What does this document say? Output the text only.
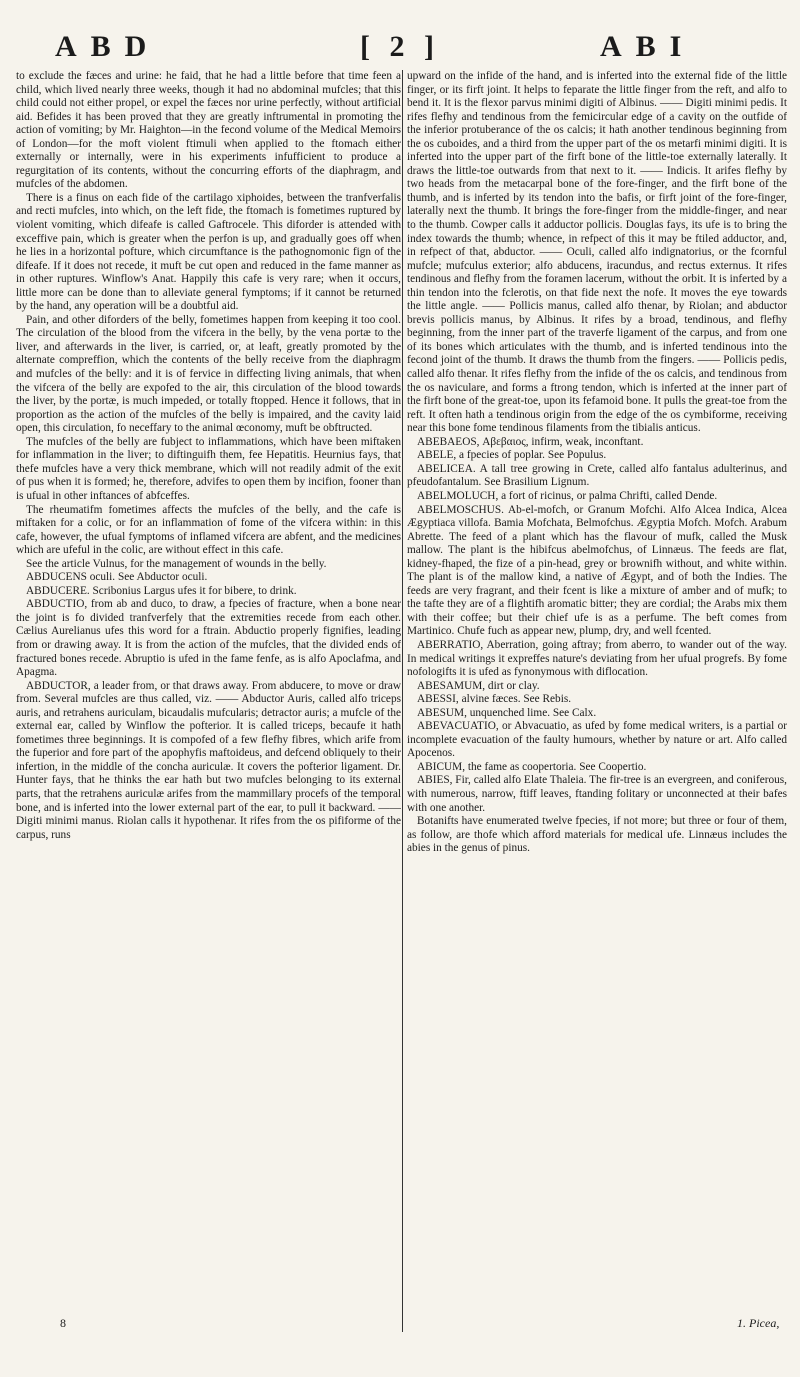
ABD	[ 2 ]	ABI

to exclude the fæces and urine: he faid, that he had a little before that time feen a child, which lived nearly three weeks, though it had no abdominal mufcles; that this child could not either propel, or expel the fæces nor urine perfectly, without artificial aid. Befides it has been proved that they are greatly inftrumental in promoting the action of vomiting; by Mr. Haighton—in the fecond volume of the Medical Memoirs of London—for the moft violent ftimuli when applied to the ftomach either externally or internally, were in his experiments infufficient to produce a regurgitation of its contents, without the concurring efforts of the diaphragm, and mufcles of the abdomen.

There is a finus on each fide of the cartilago xiphoides, between the tranfverfalis and recti mufcles, into which, on the left fide, the ftomach is fometimes ruptured by violent vomiting, which difeafe is called Gaftrocele. This diforder is attended with exceffive pain, which is greater when the perfon is up, and gradually goes off when he lies in a horizontal pofture, which circumftance is the pathognomonic fign of the difeafe. If it does not recede, it muft be cut open and reduced in the fame manner as in other ruptures. Winflow's Anat. Happily this cafe is very rare; when it occurs, little more can be done than to alleviate general fymptoms; if it cannot be returned by the hand, any operation will be a doubtful aid.

Pain, and other diforders of the belly, fometimes happen from keeping it too cool. The circulation of the blood from the vifcera in the belly, by the vena portæ to the liver, and afterwards in the liver, is carried, or, at leaft, greatly promoted by the alternate compreffion, which the contents of the belly receive from the diaphragm and mufcles of the belly: and it is of fervice in diffecting living animals, that when the vifcera of the belly are expofed to the air, this circulation of the blood towards the liver, by the portæ, is much impeded, or totally ftopped. Hence it follows, that in proportion as the action of the mufcles of the belly is impaired, and the cavity laid open, this circulation, fo neceffary to the animal œconomy, muft be obftructed.

The mufcles of the belly are fubject to inflammations, which have been miftaken for inflammation in the liver; to diftinguifh them, fee Hepatitis. Heurnius fays, that thefe mufcles have a very thick membrane, which will not readily admit of the exit of pus when it is formed; he, therefore, advifes to open them by incifion, fooner than is ufual in other inftances of abfceffes.

The rheumatifm fometimes affects the mufcles of the belly, and the cafe is miftaken for a colic, or for an inflammation of fome of the vifcera within: in this cafe, however, the ufual fymptoms of inflamed vifcera are abfent, and the medicines which are ufeful in the colic, are without effect in this cafe.

See the article Vulnus, for the management of wounds in the belly.

ABDUCENS oculi. See Abductor oculi.

ABDUCERE. Scribonius Largus ufes it for bibere, to drink.

ABDUCTIO, from ab and duco, to draw, a fpecies of fracture, when a bone near the joint is fo divided tranfverfely that the extremities recede from each other. Cælius Aurelianus ufes this word for a ftrain. Abductio properly fignifies, leading from or drawing away. It is from the action of the mufcles, that the divided ends of fractured bones recede. Abruptio is ufed in the fame fenfe, as is alfo Apoclafma, and Apagma.

ABDUCTOR, a leader from, or that draws away. From abducere, to move or draw from. Several mufcles are thus called, viz. —— Abductor Auris, called alfo triceps auris, and retrahens auriculam, bicaudalis mufcularis; detractor auris; a mufcle of the external ear, called by Winflow the pofterior. It is called triceps, becaufe it hath fometimes three beginnings. It is compofed of a few flefhy fibres, which arife from the fuperior and fore part of the apophyfis maftoideus, and defcend obliquely to their infertion, in the middle of the concha auriculæ. It covers the pofterior ligament. Dr. Hunter fays, that he thinks the ear hath but two mufcles belonging to its external parts, that the retrahens auriculæ arifes from the mammillary procefs of the temporal bone, and is inferted into the lower external part of the ear, to pull it backward. —— Digiti minimi manus. Riolan calls it hypothenar. It rifes from the os pififorme of the carpus, runs

upward on the infide of the hand, and is inferted into the external fide of the little finger, or its firft joint. It helps to feparate the little finger from the reft, and alfo to bend it. It is the flexor parvus minimi digiti of Albinus. —— Digiti minimi pedis. It rifes flefhy and tendinous from the femicircular edge of a cavity on the outfide of the inferior protuberance of the os calcis; it hath another tendinous beginning from the os cuboides, and a third from the upper part of the os metarfi minimi digiti. It is inferted into the upper part of the firft bone of the little-toe externally laterally. It draws the little-toe outwards from that next to it. —— Indicis. It arifes flefhy by two heads from the metacarpal bone of the fore-finger, and the firft bone of the thumb, and is inferted by its tendon into the bafis, or firft joint of the fore-finger, laterally next the thumb. It brings the fore-finger from the middle-finger, and near to the thumb. Cowper calls it adductor pollicis. Douglas fays, its ufe is to bring the index towards the thumb; whence, in refpect of this it may be ftiled adductor, and, in refpect of that, abductor. —— Oculi, called alfo indignatorius, or the fcornful mufcle; mufculus exterior; alfo abducens, iracundus, and rectus externus. It rifes tendinous and flefhy from the foramen lacerum, without the orbit. It is inferted by a thin tendon into the fclerotis, on that fide next the nofe. It moves the eye towards the little angle. —— Pollicis manus, called alfo thenar, by Riolan; and abductor brevis pollicis manus, by Albinus. It rifes by a broad, tendinous, and flefhy beginning, from the inner part of the traverfe ligament of the carpus, and from one of its bones which articulates with the thumb, and is inferted tendinous into the fecond joint of the thumb. It draws the thumb from the fingers. —— Pollicis pedis, called alfo thenar. It rifes flefhy from the infide of the os calcis, and tendinous from the os naviculare, and forms a ftrong tendon, which is inferted at the inner part of the firft bone of the great-toe, upon its fefamoid bone. It pulls the great-toe from the reft. It often hath a tendinous origin from the edge of the os cymbiforme, receiving near this bone fome tendinous filaments from the tibialis anticus.

ABEBAEOS, Αβεβαιος, infirm, weak, inconftant.

ABELE, a fpecies of poplar. See Populus.

ABELICEA. A tall tree growing in Crete, called alfo fantalus adulterinus, and pfeudofantalum. See Brasilium Lignum.

ABELMOLUCH, a fort of ricinus, or palma Chrifti, called Dende.

ABELMOSCHUS. Ab-el-mofch, or Granum Mofchi. Alfo Alcea Indica, Alcea Ægyptiaca villofa. Bamia Mofchata, Belmofchus. Ægyptia Mofch. Mofch. Arabum Abrette. The feed of a plant which has the flavour of mufk, called the Musk mallow. The plant is the hibifcus abelmofchus, of Linnæus. The feeds are flat, kidney-fhaped, the fize of a pin-head, grey or brownifh without, and white within. The plant is of the mallow kind, a native of Ægypt, and of both the Indies. The feeds are very fragrant, and their fcent is like a mixture of amber and of mufk; to the tafte they are of a flightifh aromatic bitter; they are cordial; the Arabs mix them with their coffee; but their chief ufe is as a perfume. The beft comes from Martinico. Chufe fuch as appear new, plump, dry, and well fcented.

ABERRATIO, Aberration, going aftray; from aberro, to wander out of the way. In medical writings it expreffes nature's deviating from her ufual progrefs. By fome nofologifts it is ufed as fynonymous with diflocation.

ABESAMUM, dirt or clay.

ABESSI, alvine fæces. See Rebis.

ABESUM, unquenched lime. See Calx.

ABEVACUATIO, or Abvacuatio, as ufed by fome medical writers, is a partial or incomplete evacuation of the faulty humours, whether by nature or art. Alfo called Apocenos.

ABICUM, the fame as coopertoria. See Coopertio.

ABIES, Fir, called alfo Elate Thaleia. The fir-tree is an evergreen, and coniferous, with numerous, narrow, ftiff leaves, ftanding folitary or unconnected at their bafes with one another.

Botanifts have enumerated twelve fpecies, if not more; but three or four of them, as follow, are thofe which afford materials for medical ufe. Linnæus includes the abies in the genus of pinus.

8	1. Picea,
